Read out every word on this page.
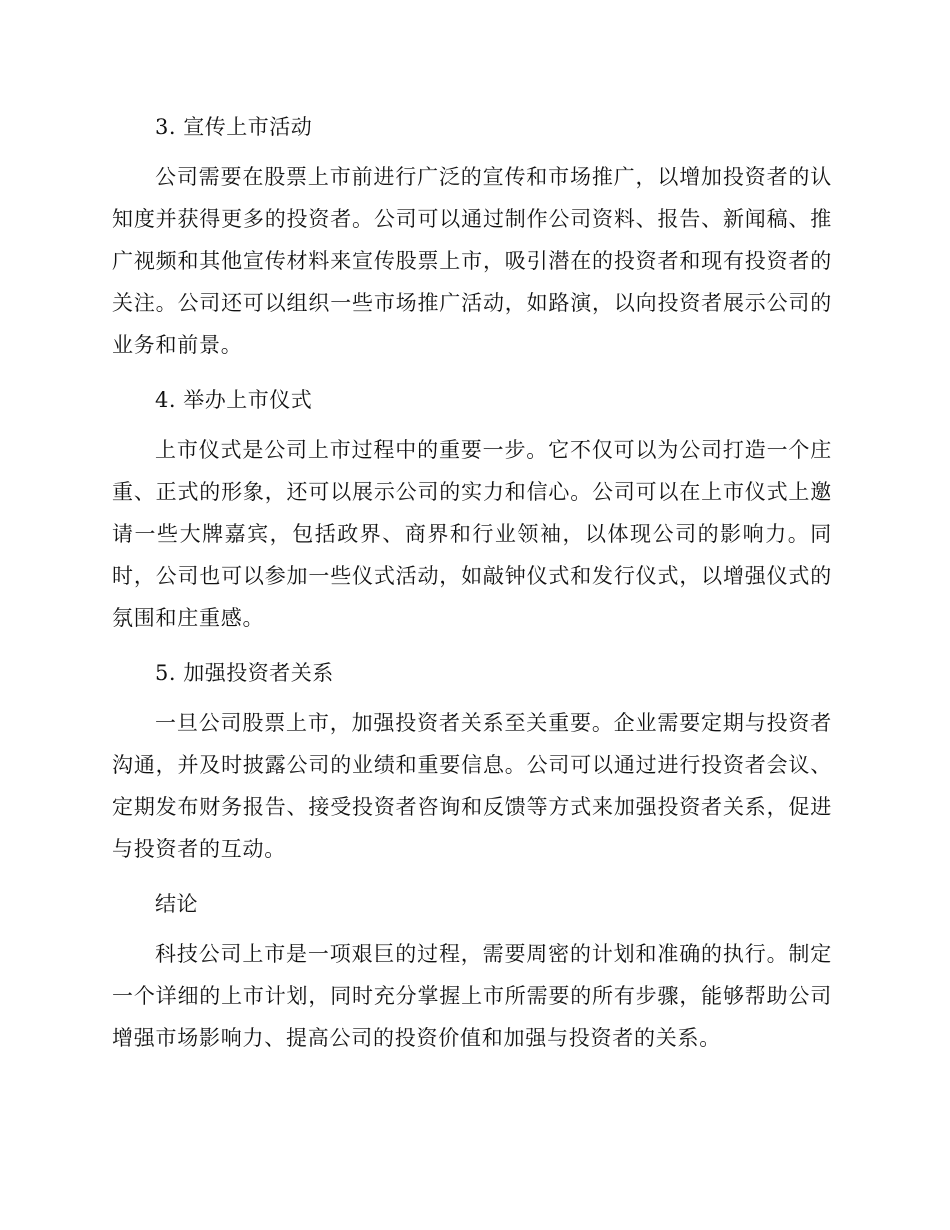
3. 宣传上市活动

公司需要在股票上市前进行广泛的宣传和市场推广，以增加投资者的认知度并获得更多的投资者。公司可以通过制作公司资料、报告、新闻稿、推广视频和其他宣传材料来宣传股票上市，吸引潜在的投资者和现有投资者的关注。公司还可以组织一些市场推广活动，如路演，以向投资者展示公司的业务和前景。

4. 举办上市仪式

上市仪式是公司上市过程中的重要一步。它不仅可以为公司打造一个庄重、正式的形象，还可以展示公司的实力和信心。公司可以在上市仪式上邀请一些大牌嘉宾，包括政界、商界和行业领袖，以体现公司的影响力。同时，公司也可以参加一些仪式活动，如敲钟仪式和发行仪式，以增强仪式的氛围和庄重感。

5. 加强投资者关系

一旦公司股票上市，加强投资者关系至关重要。企业需要定期与投资者沟通，并及时披露公司的业绩和重要信息。公司可以通过进行投资者会议、定期发布财务报告、接受投资者咨询和反馈等方式来加强投资者关系，促进与投资者的互动。

结论

科技公司上市是一项艰巨的过程，需要周密的计划和准确的执行。制定一个详细的上市计划，同时充分掌握上市所需要的所有步骤，能够帮助公司增强市场影响力、提高公司的投资价值和加强与投资者的关系。
